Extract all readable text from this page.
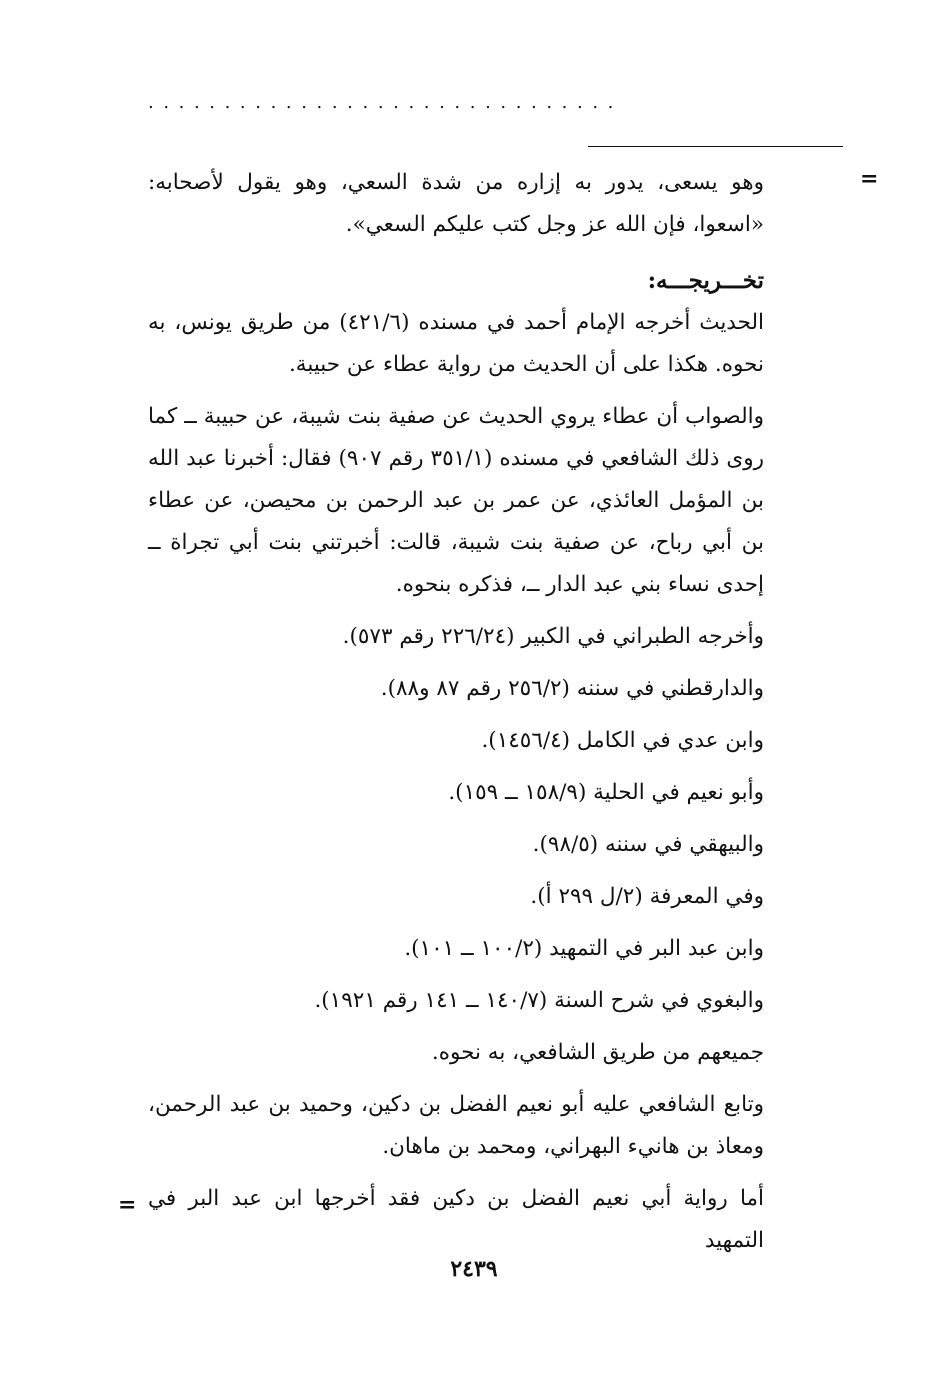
...............................
=

وهو يسعى، يدور به إزاره من شدة السعي، وهو يقول لأصحابه: «اسعوا، فإن الله عز وجل كتب عليكم السعي».

تخـــريجـــه:

الحديث أخرجه الإمام أحمد في مسنده (٤٢١/٦) من طريق يونس، به نحوه. هكذا على أن الحديث من رواية عطاء عن حبيبة.

والصواب أن عطاء يروي الحديث عن صفية بنت شيبة، عن حبيبة ــ كما روى ذلك الشافعي في مسنده (٣٥١/١ رقم ٩٠٧) فقال: أخبرنا عبد الله بن المؤمل العائذي، عن عمر بن عبد الرحمن بن محيصن، عن عطاء بن أبي رباح، عن صفية بنت شيبة، قالت: أخبرتني بنت أبي تجراة ــ إحدى نساء بني عبد الدار ــ، فذكره بنحوه.

وأخرجه الطبراني في الكبير (٢٢٦/٢٤ رقم ٥٧٣).

والدارقطني في سننه (٢٥٦/٢ رقم ٨٧ و٨٨).

وابن عدي في الكامل (١٤٥٦/٤).

وأبو نعيم في الحلية (١٥٨/٩ ــ ١٥٩).

والبيهقي في سننه (٩٨/٥).

وفي المعرفة (٢/ل ٢٩٩ أ).

وابن عبد البر في التمهيد (١٠٠/٢ ــ ١٠١).

والبغوي في شرح السنة (١٤٠/٧ ــ ١٤١ رقم ١٩٢١).

جميعهم من طريق الشافعي، به نحوه.

وتابع الشافعي عليه أبو نعيم الفضل بن دكين، وحميد بن عبد الرحمن، ومعاذ بن هانيء البهراني، ومحمد بن ماهان.

أما رواية أبي نعيم الفضل بن دكين فقد أخرجها ابن عبد البر في التمهيد

=
٢٤٣٩
